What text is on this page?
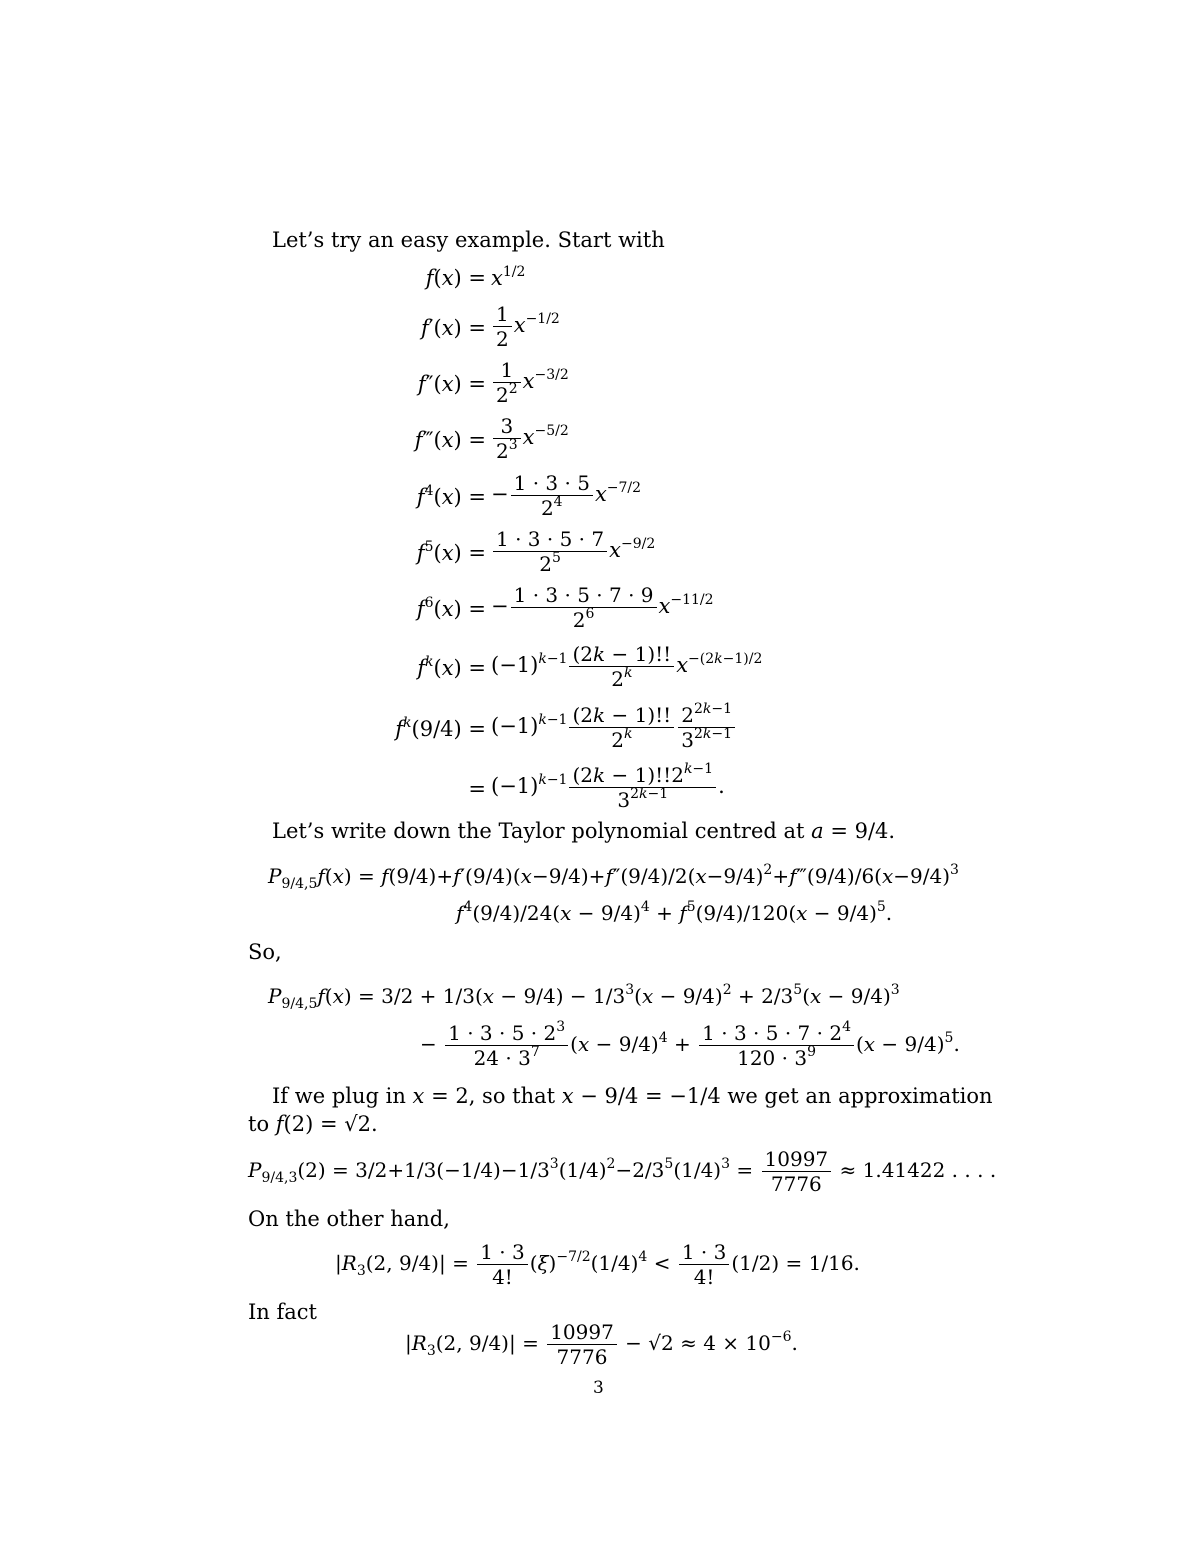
Let’s try an easy example. Start with
$f(x) = x^{1/2}$
$f'(x) = \frac{1}{2} x^{-1/2}$
$f''(x) = \frac{1}{2^2} x^{-3/2}$
f‴(x) = $\frac{3}{2^3} x^{-5/2}$
$f^4(x)$ = − $\frac{1 \cdot 3 \cdot 5}{2^4} x^{-7/2}$
$f^5(x) = \frac{1 \cdot 3 \cdot 5 \cdot 7}{2^5} x^{-9/2}$
$f^6(x)$ = − $\frac{1 \cdot 3 \cdot 5 \cdot 7 \cdot 9}{2^6} x^{-11/2}$
$f^k(x) = (-1)^{k-1} \frac{(2k - 1)!!}{2^k} x^{-(2k-1)/2}$
$f^k(9/4) = (-1)^{k-1} \frac{(2k - 1)!!}{2^k} \frac{2^{2k-1}}{3^{2k-1}}$
= $(-1)^{k-1} \frac{(2k - 1)!!2^{k-1}}{3^{2k-1}}$ .
Let’s write down the Taylor polynomial centred at a = 9/4.
$P_{9/4,5}f(x)$ = $f(9/4)+f'(9/4)(x-9/4)+f''(9/4)/2(x-9/4)^2+f‴(9/4)/6(x-9/4)^3$
$f^4(9/4)/24(x - 9/4)^4 + f^5(9/4)/120(x - 9/4)^5$.
So,
$P_{9/4,5}f(x) = 3/2 + 1/3(x - 9/4) - 1/3^3(x - 9/4)^2 + 2/3^5(x - 9/4)^3$
− $\frac{1 \cdot 3 \cdot 5 \cdot 2^3}{24 \cdot 3^7} (x - 9/4)^4 + \frac{1 \cdot 3 \cdot 5 \cdot 7 \cdot 2^4}{120 \cdot 3^9} (x - 9/4)^5$.
If we plug in x = 2, so that x − 9/4 = −1/4 we get an approximation
to f(2) = √2.
$P_{9/4,3}(2) = 3/2+1/3(-1/4)-1/3^3(1/4)^2-2/3^5(1/4)^3 = \frac{10997}{7776} \approx 1.41422$ . . . .
On the other hand,
$|R_3(2$, $9/4)| = \frac{1 \cdot 3}{4!} (\xi)^{-7/2}(1/4)^4 < \frac{1 \cdot 3}{4!} (1/2) = 1/16$.
In fact
$|R_3(2$, $9/4)| = \frac{10997}{7776} - √2 \approx 4 \times 10^{-6}$.
3
